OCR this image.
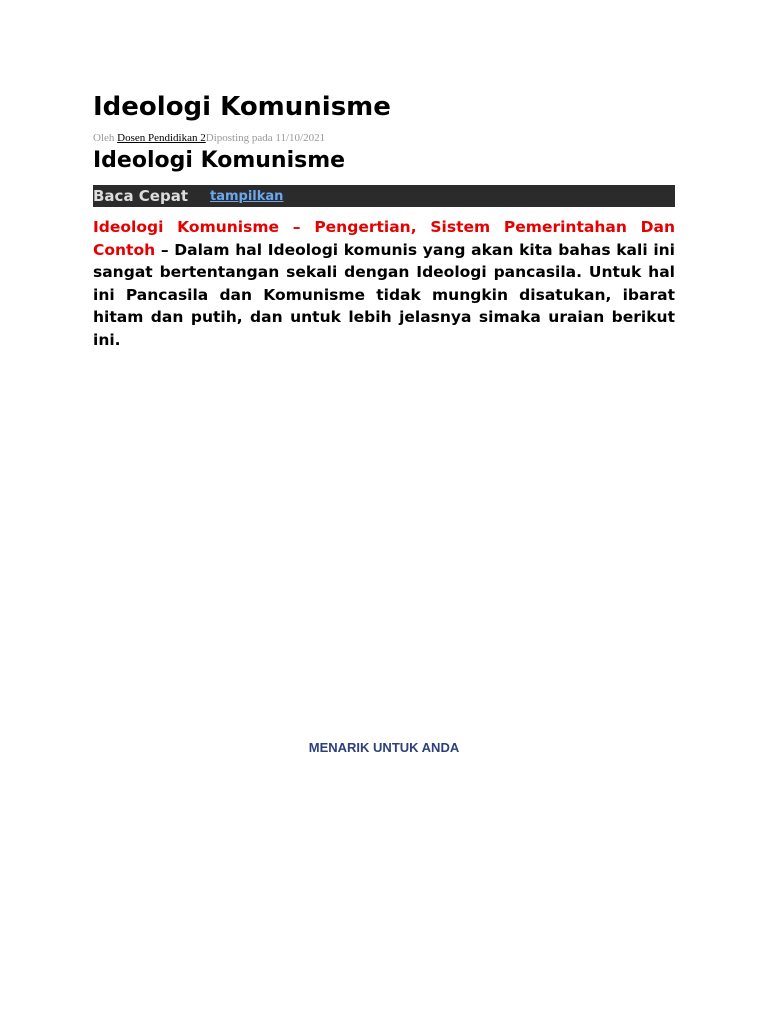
Ideologi Komunisme
Oleh Dosen Pendidikan 2Diposting pada 11/10/2021
Ideologi Komunisme
Baca Cepat tampilkan

Ideologi Komunisme – Pengertian, Sistem Pemerintahan Dan Contoh – Dalam hal Ideologi komunis yang akan kita bahas kali ini sangat bertentangan sekali dengan Ideologi pancasila. Untuk hal ini Pancasila dan Komunisme tidak mungkin disatukan, ibarat hitam dan putih, dan untuk lebih jelasnya simaka uraian berikut ini.

MENARIK UNTUK ANDA
